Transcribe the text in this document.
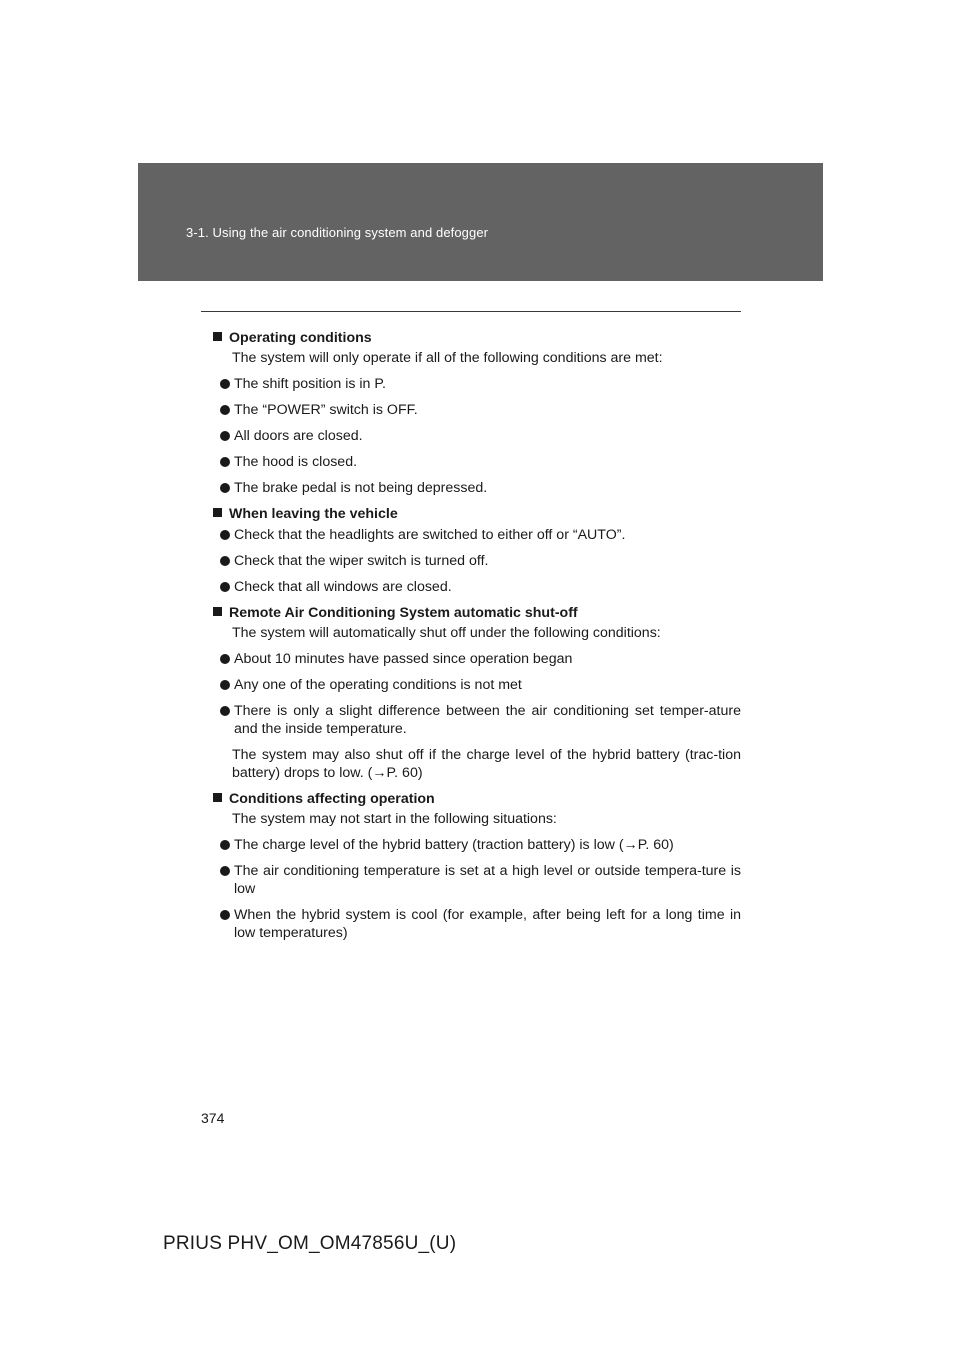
3-1. Using the air conditioning system and defogger
Operating conditions
The system will only operate if all of the following conditions are met:
The shift position is in P.
The “POWER” switch is OFF.
All doors are closed.
The hood is closed.
The brake pedal is not being depressed.
When leaving the vehicle
Check that the headlights are switched to either off or “AUTO”.
Check that the wiper switch is turned off.
Check that all windows are closed.
Remote Air Conditioning System automatic shut-off
The system will automatically shut off under the following conditions:
About 10 minutes have passed since operation began
Any one of the operating conditions is not met
There is only a slight difference between the air conditioning set temper-ature and the inside temperature.
The system may also shut off if the charge level of the hybrid battery (trac-tion battery) drops to low. (→P. 60)
Conditions affecting operation
The system may not start in the following situations:
The charge level of the hybrid battery (traction battery) is low (→P. 60)
The air conditioning temperature is set at a high level or outside tempera-ture is low
When the hybrid system is cool (for example, after being left for a long time in low temperatures)
374
PRIUS PHV_OM_OM47856U_(U)
